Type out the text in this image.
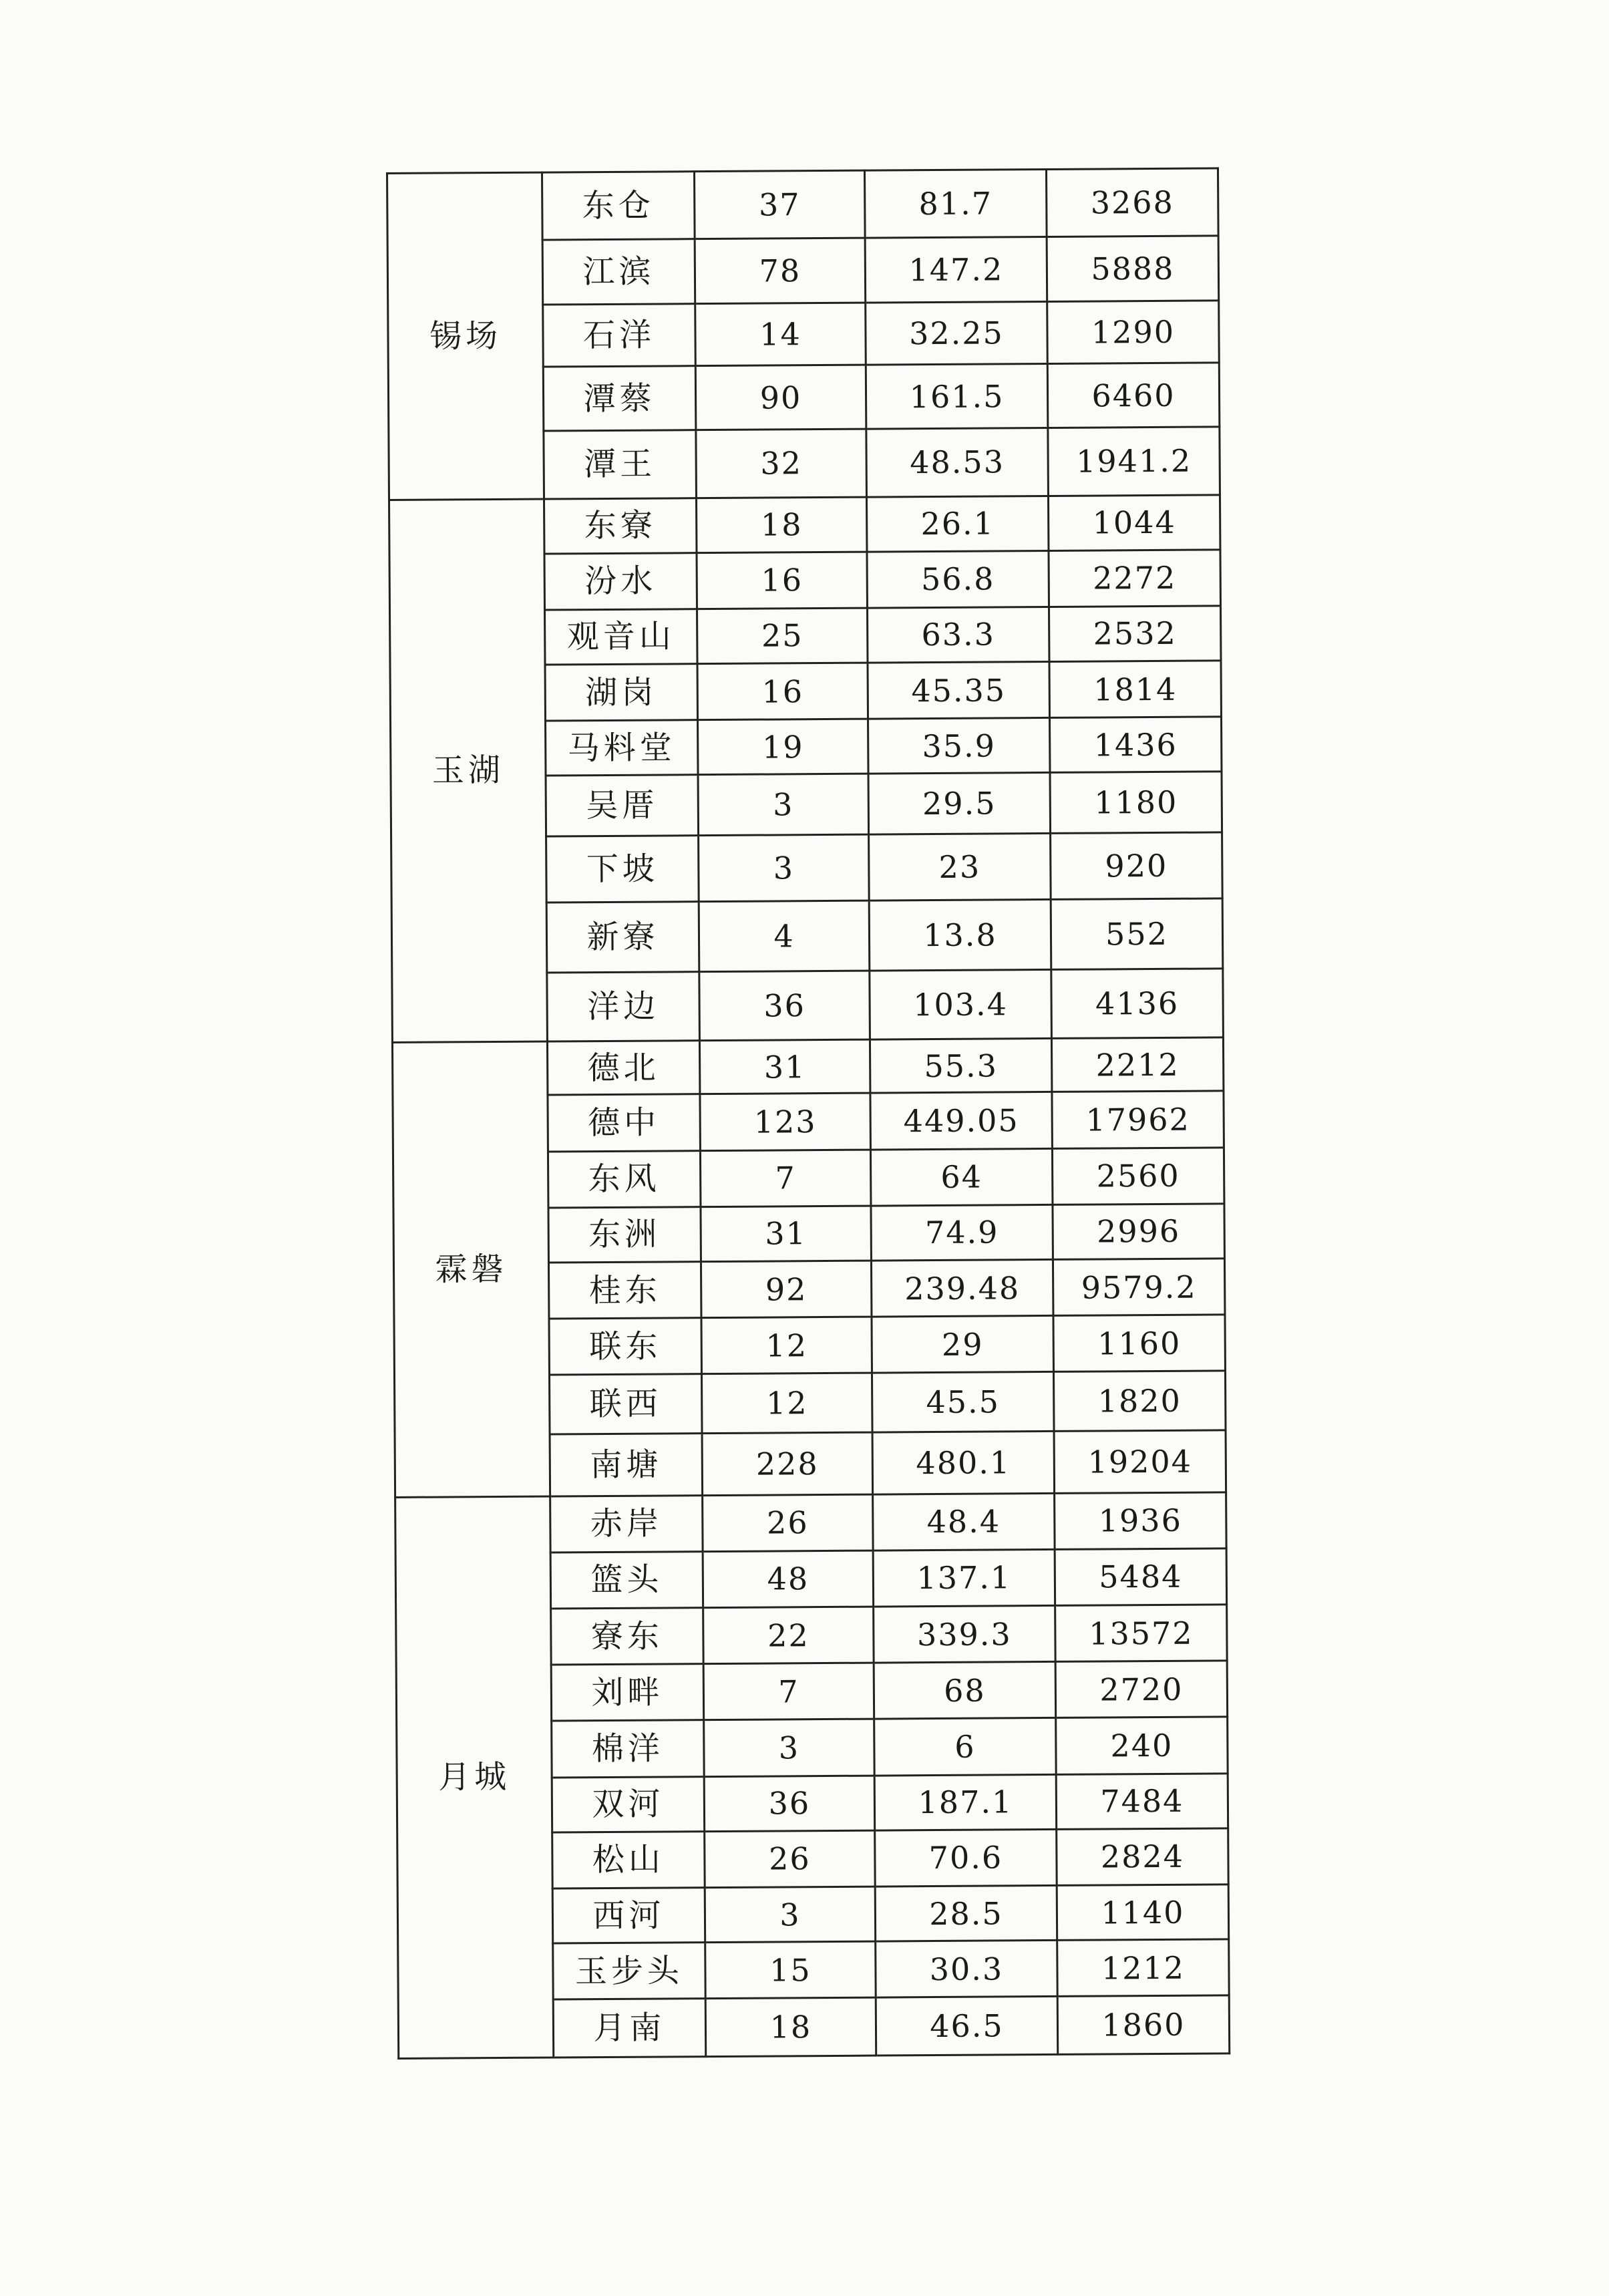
锡场	东仓	37	81.7	3268
	江滨	78	147.2	5888
	石洋	14	32.25	1290
	潭蔡	90	161.5	6460
	潭王	32	48.53	1941.2
玉湖	东寮	18	26.1	1044
	汾水	16	56.8	2272
	观音山	25	63.3	2532
	湖岗	16	45.35	1814
	马料堂	19	35.9	1436
	吴厝	3	29.5	1180
	下坡	3	23	920
	新寮	4	13.8	552
	洋边	36	103.4	4136
霖磐	德北	31	55.3	2212
	德中	123	449.05	17962
	东风	7	64	2560
	东洲	31	74.9	2996
	桂东	92	239.48	9579.2
	联东	12	29	1160
	联西	12	45.5	1820
	南塘	228	480.1	19204
月城	赤岸	26	48.4	1936
	篮头	48	137.1	5484
	寮东	22	339.3	13572
	刘畔	7	68	2720
	棉洋	3	6	240
	双河	36	187.1	7484
	松山	26	70.6	2824
	西河	3	28.5	1140
	玉步头	15	30.3	1212
	月南	18	46.5	1860
